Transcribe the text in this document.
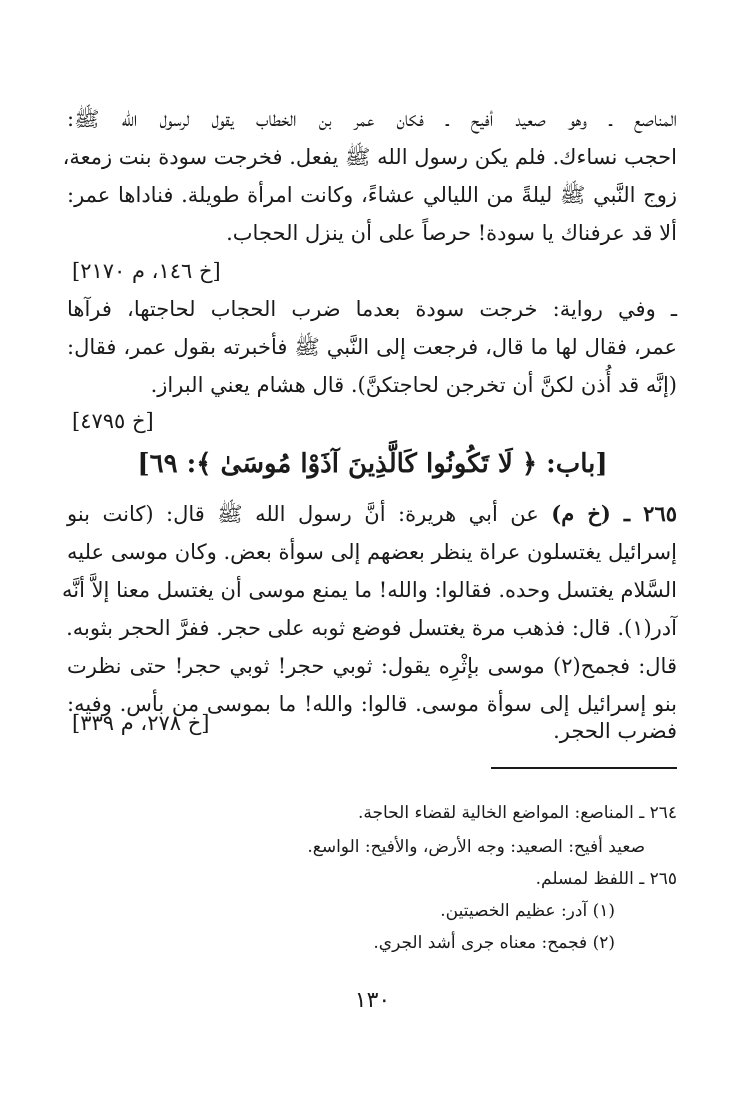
المناصع ـ وهو صعيد أفيح ـ فكان عمر بن الخطاب يقول لرسول الله ﷺ:
احجب نساءك. فلم يكن رسول الله ﷺ يفعل. فخرجت سودة بنت زمعة،
زوج النَّبي ﷺ ليلةً من الليالي عشاءً، وكانت امرأة طويلة. فناداها عمر:
ألا قد عرفناك يا سودة! حرصاً على أن ينزل الحجاب.
[خ ١٤٦، م ٢١٧٠]
ـ وفي رواية: خرجت سودة بعدما ضرب الحجاب لحاجتها، فرآها
عمر، فقال لها ما قال، فرجعت إلى النَّبي ﷺ فأخبرته بقول عمر، فقال:
(إنَّه قد أُذن لكنَّ أن تخرجن لحاجتكنَّ). قال هشام يعني البراز.
[خ ٤٧٩٥]
[باب: ﴿ لَا تَكُونُوا كَالَّذِينَ آذَوْا مُوسَىٰ ﴾: ٦٩]
٢٦٥ ـ (خ م) عن أبي هريرة: أنَّ رسول الله ﷺ قال: (كانت بنو
إسرائيل يغتسلون عراة ينظر بعضهم إلى سوأة بعض. وكان موسى عليه
السَّلام يغتسل وحده. فقالوا: والله! ما يمنع موسى أن يغتسل معنا إلاَّ أنَّه
آدر(١). قال: فذهب مرة يغتسل فوضع ثوبه على حجر. ففرَّ الحجر بثوبه.
قال: فجمح(٢) موسى بإثْرِه يقول: ثوبي حجر! ثوبي حجر! حتى نظرت
بنو إسرائيل إلى سوأة موسى. قالوا: والله! ما بموسى من بأس. وفيه:
فضرب الحجر.
[خ ٢٧٨، م ٣٣٩]
٢٦٤ ـ المناصع: المواضع الخالية لقضاء الحاجة.
صعيد أفيح: الصعيد: وجه الأرض، والأفيح: الواسع.
٢٦٥ ـ اللفظ لمسلم.
(١) آدر: عظيم الخصيتين.
(٢) فجمح: معناه جرى أشد الجري.
١٣٠
